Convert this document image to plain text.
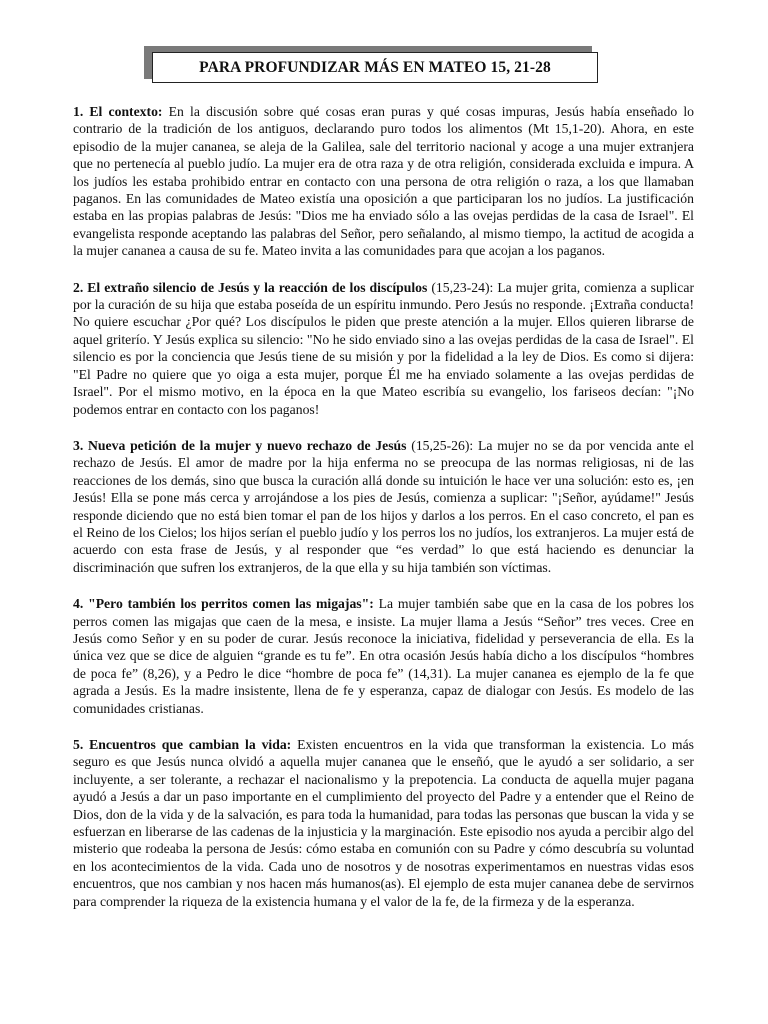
PARA PROFUNDIZAR MÁS EN MATEO 15, 21-28

1. El contexto: En la discusión sobre qué cosas eran puras y qué cosas impuras, Jesús había enseñado lo contrario de la tradición de los antiguos, declarando puro todos los alimentos (Mt 15,1-20). Ahora, en este episodio de la mujer cananea, se aleja de la Galilea, sale del territorio nacional y acoge a una mujer extranjera que no pertenecía al pueblo judío. La mujer era de otra raza y de otra religión, considerada excluida e impura. A los judíos les estaba prohibido entrar en contacto con una persona de otra religión o raza, a los que llamaban paganos. En las comunidades de Mateo existía una oposición a que participaran los no judíos. La justificación estaba en las propias palabras de Jesús: "Dios me ha enviado sólo a las ovejas perdidas de la casa de Israel". El evangelista responde aceptando las palabras del Señor, pero señalando, al mismo tiempo, la actitud de acogida a la mujer cananea a causa de su fe. Mateo invita a las comunidades para que acojan a los paganos.

2. El extraño silencio de Jesús y la reacción de los discípulos (15,23-24): La mujer grita, comienza a suplicar por la curación de su hija que estaba poseída de un espíritu inmundo. Pero Jesús no responde. ¡Extraña conducta! No quiere escuchar ¿Por qué? Los discípulos le piden que preste atención a la mujer. Ellos quieren librarse de aquel griterío. Y Jesús explica su silencio: "No he sido enviado sino a las ovejas perdidas de la casa de Israel". El silencio es por la conciencia que Jesús tiene de su misión y por la fidelidad a la ley de Dios. Es como si dijera: "El Padre no quiere que yo oiga a esta mujer, porque Él me ha enviado solamente a las ovejas perdidas de Israel". Por el mismo motivo, en la época en la que Mateo escribía su evangelio, los fariseos decían: "¡No podemos entrar en contacto con los paganos!

3. Nueva petición de la mujer y nuevo rechazo de Jesús (15,25-26): La mujer no se da por vencida ante el rechazo de Jesús. El amor de madre por la hija enferma no se preocupa de las normas religiosas, ni de las reacciones de los demás, sino que busca la curación allá donde su intuición le hace ver una solución: esto es, ¡en Jesús! Ella se pone más cerca y arrojándose a los pies de Jesús, comienza a suplicar: "¡Señor, ayúdame!" Jesús responde diciendo que no está bien tomar el pan de los hijos y darlos a los perros. En el caso concreto, el pan es el Reino de los Cielos; los hijos serían el pueblo judío y los perros los no judíos, los extranjeros. La mujer está de acuerdo con esta frase de Jesús, y al responder que “es verdad” lo que está haciendo es denunciar la discriminación que sufren los extranjeros, de la que ella y su hija también son víctimas.

4. "Pero también los perritos comen las migajas": La mujer también sabe que en la casa de los pobres los perros comen las migajas que caen de la mesa, e insiste. La mujer llama a Jesús “Señor” tres veces. Cree en Jesús como Señor y en su poder de curar. Jesús reconoce la iniciativa, fidelidad y perseverancia de ella. Es la única vez que se dice de alguien “grande es tu fe”. En otra ocasión Jesús había dicho a los discípulos “hombres de poca fe” (8,26), y a Pedro le dice “hombre de poca fe” (14,31). La mujer cananea es ejemplo de la fe que agrada a Jesús. Es la madre insistente, llena de fe y esperanza, capaz de dialogar con Jesús. Es modelo de las comunidades cristianas.

5. Encuentros que cambian la vida: Existen encuentros en la vida que transforman la existencia. Lo más seguro es que Jesús nunca olvidó a aquella mujer cananea que le enseñó, que le ayudó a ser solidario, a ser incluyente, a ser tolerante, a rechazar el nacionalismo y la prepotencia. La conducta de aquella mujer pagana ayudó a Jesús a dar un paso importante en el cumplimiento del proyecto del Padre y a entender que el Reino de Dios, don de la vida y de la salvación, es para toda la humanidad, para todas las personas que buscan la vida y se esfuerzan en liberarse de las cadenas de la injusticia y la marginación. Este episodio nos ayuda a percibir algo del misterio que rodeaba la persona de Jesús: cómo estaba en comunión con su Padre y cómo descubría su voluntad en los acontecimientos de la vida. Cada uno de nosotros y de nosotras experimentamos en nuestras vidas esos encuentros, que nos cambian y nos hacen más humanos(as). El ejemplo de esta mujer cananea debe de servirnos para comprender la riqueza de la existencia humana y el valor de la fe, de la firmeza y de la esperanza.
